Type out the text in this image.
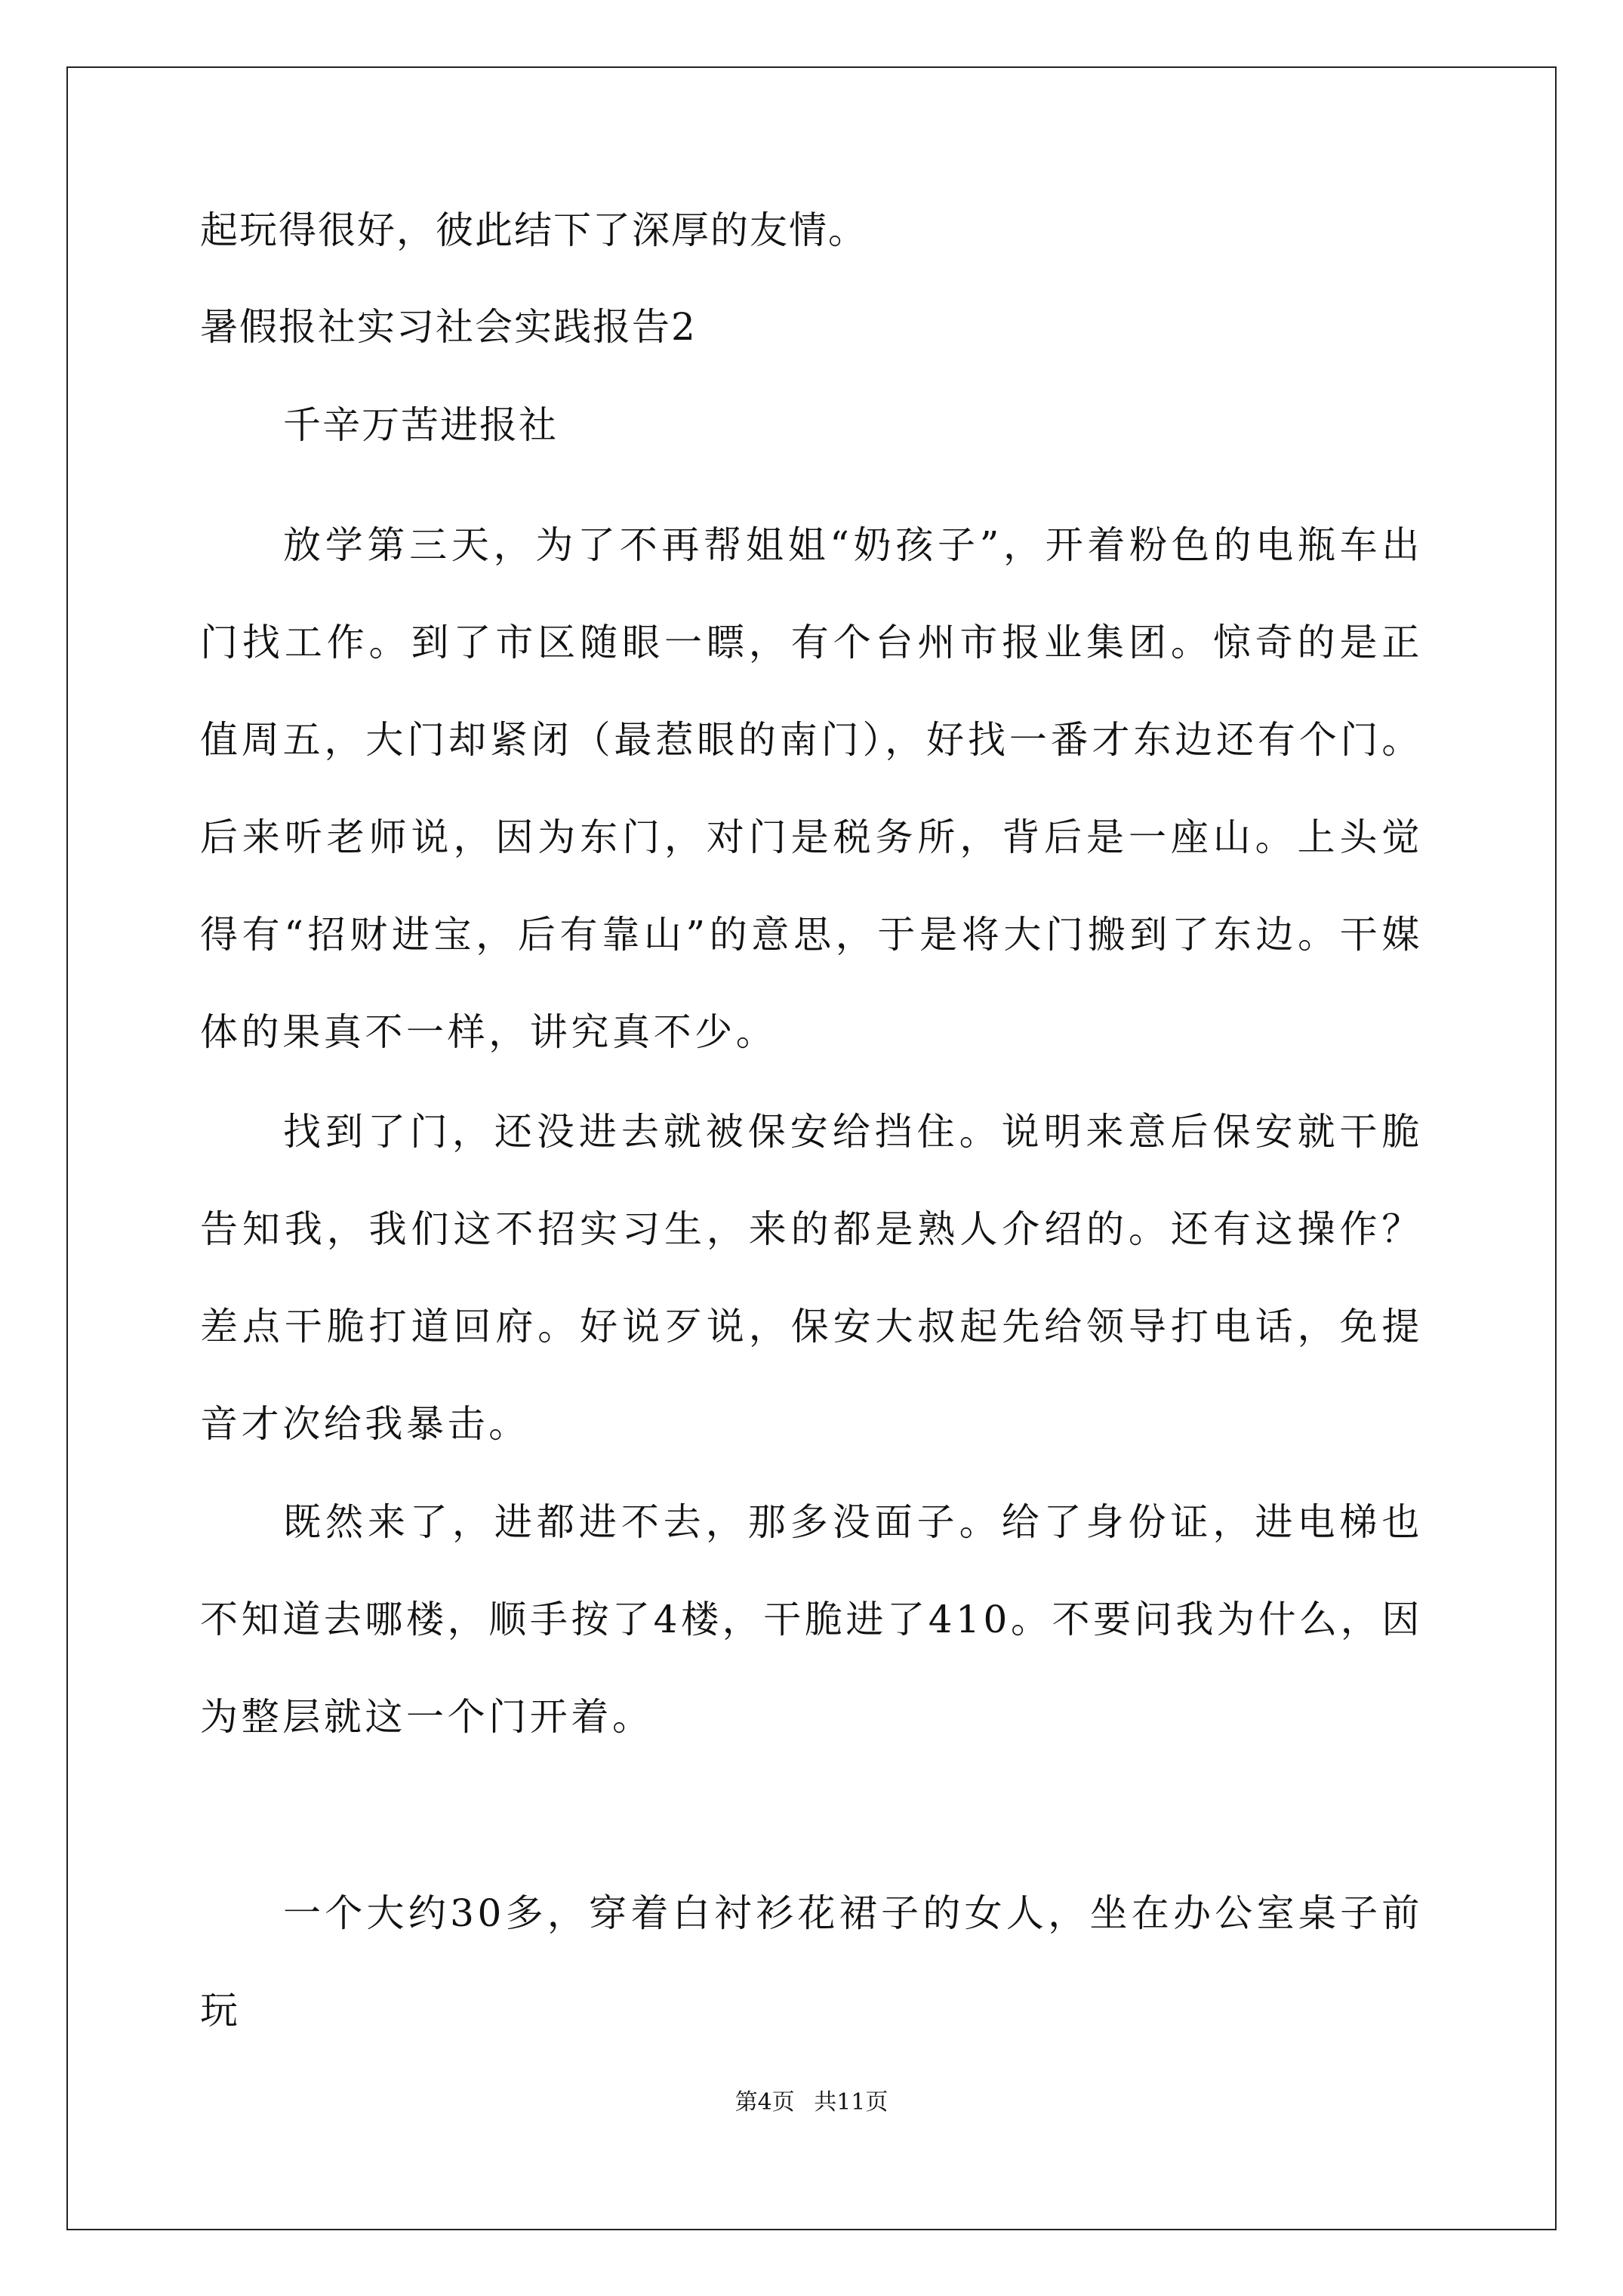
起玩得很好，彼此结下了深厚的友情。

暑假报社实习社会实践报告2

千辛万苦进报社

放学第三天，为了不再帮姐姐“奶孩子”，开着粉色的电瓶车出门找工作。到了市区随眼一瞟，有个台州市报业集团。惊奇的是正值周五，大门却紧闭（最惹眼的南门），好找一番才东边还有个门。后来听老师说，因为东门，对门是税务所，背后是一座山。上头觉得有“招财进宝，后有靠山”的意思，于是将大门搬到了东边。干媒体的果真不一样，讲究真不少。

找到了门，还没进去就被保安给挡住。说明来意后保安就干脆告知我，我们这不招实习生，来的都是熟人介绍的。还有这操作？差点干脆打道回府。好说歹说，保安大叔起先给领导打电话，免提音才次给我暴击。

既然来了，进都进不去，那多没面子。给了身份证，进电梯也不知道去哪楼，顺手按了4楼，干脆进了410。不要问我为什么，因为整层就这一个门开着。

一个大约30多，穿着白衬衫花裙子的女人，坐在办公室桌子前玩

第4页 共11页
